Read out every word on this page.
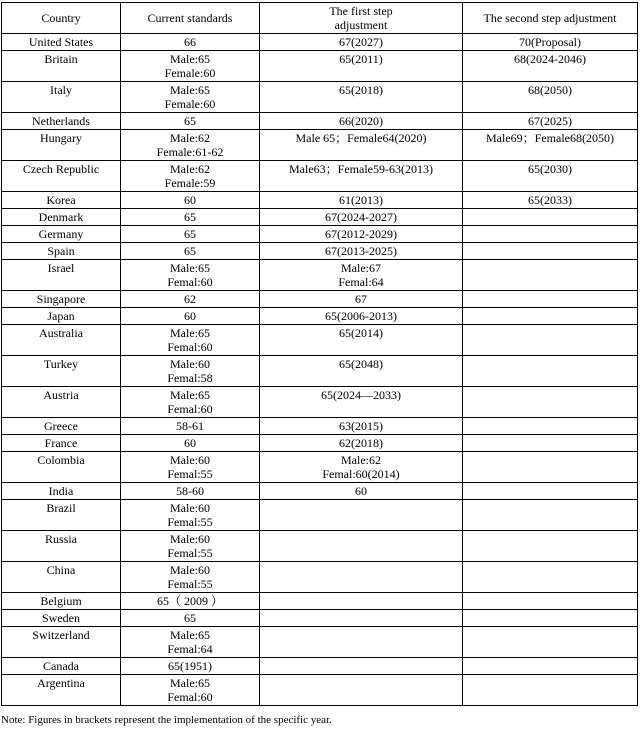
Country	Current standards	The first step
adjustment	The second step adjustment
United States	66	67(2027)	70(Proposal)

Britain	Male:65
Female:60	65(2011)	68(2024-2046)

Italy	Male:65
Female:60	65(2018)	68(2050)

Netherlands	65	66(2020)	67(2025)

Hungary	Male:62
Female:61-62	Male 65；Female64(2020)	Male69；Female68(2050)

Czech Republic	Male:62
Female:59	Male63；Female59-63(2013)	65(2030)

Korea	60	61(2013)	65(2033)

Denmark	65	67(2024-2027)	

Germany	65	67(2012-2029)	

Spain	65	67(2013-2025)	

Israel	Male:65
Femal:60	Male:67
Femal:64	

Singapore	62	67	

Japan	60	65(2006-2013)	

Australia	Male:65
Femal:60	65(2014)	

Turkey	Male:60
Femal:58	65(2048)	

Austria	Male:65
Femal:60	65(2024—2033)	

Greece	58-61	63(2015)	

France	60	62(2018)	

Colombia	Male:60
Femal:55	Male:62
Femal:60(2014)	

India	58-60	60	

Brazil	Male:60
Femal:55		

Russia	Male:60
Femal:55		

China	Male:60
Femal:55		

Belgium	65（ 2009 ）		

Sweden	65		

Switzerland	Male:65
Femal:64		

Canada	65(1951)		

Argentina	Male:65
Femal:60		

Note: Figures in brackets represent the implementation of the specific year.
